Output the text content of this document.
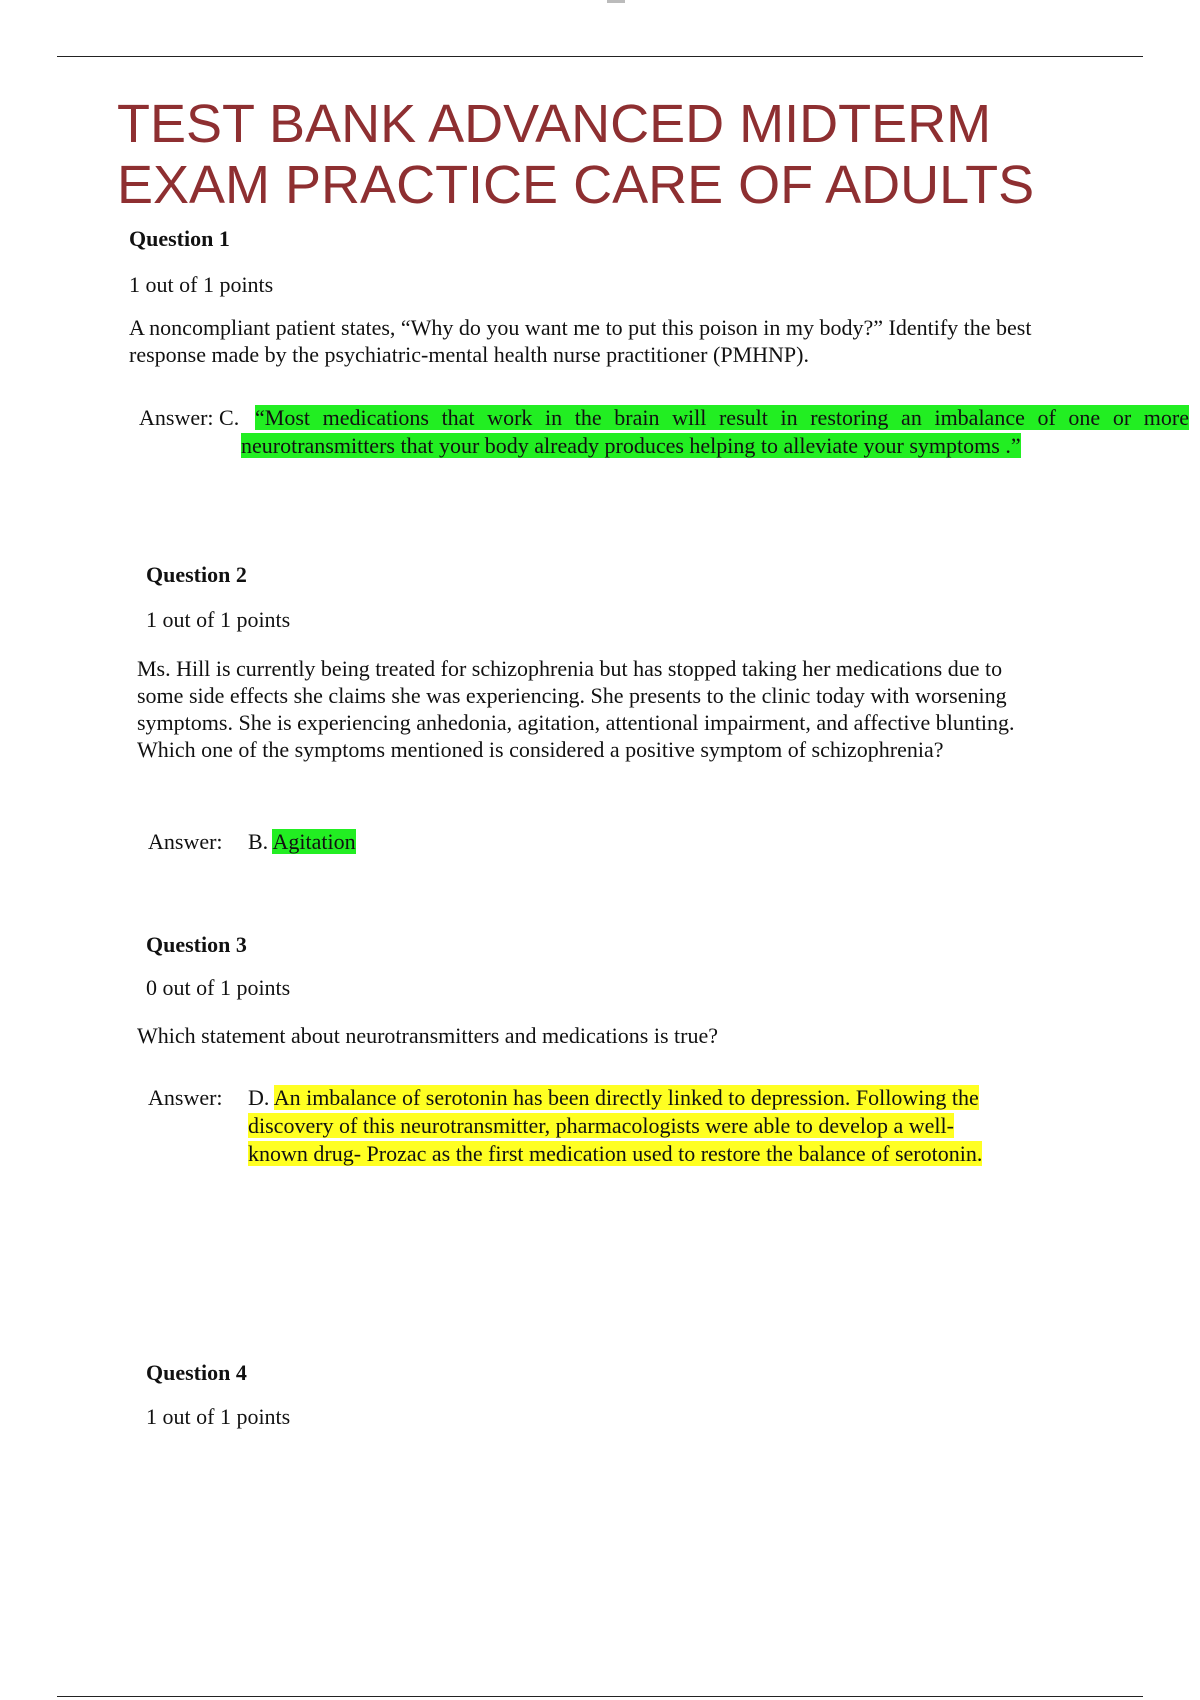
TEST BANK ADVANCED MIDTERM EXAM PRACTICE CARE OF ADULTS
Question 1
1 out of 1 points

A noncompliant patient states, “Why do you want me to put this poison in my body?” Identify the best response made by the psychiatric-mental health nurse practitioner (PMHNP).

Answer: C. “Most medications that work in the brain will result in restoring an imbalance of one or more neurotransmitters that your body already produces helping to alleviate your symptoms .”
Question 2
1 out of 1 points

Ms. Hill is currently being treated for schizophrenia but has stopped taking her medications due to some side effects she claims she was experiencing. She presents to the clinic today with worsening symptoms. She is experiencing anhedonia, agitation, attentional impairment, and affective blunting. Which one of the symptoms mentioned is considered a positive symptom of schizophrenia?

Answer: B. Agitation
Question 3
0 out of 1 points

Which statement about neurotransmitters and medications is true?

Answer: D. An imbalance of serotonin has been directly linked to depression. Following the discovery of this neurotransmitter, pharmacologists were able to develop a well-known drug- Prozac as the first medication used to restore the balance of serotonin.
Question 4
1 out of 1 points
